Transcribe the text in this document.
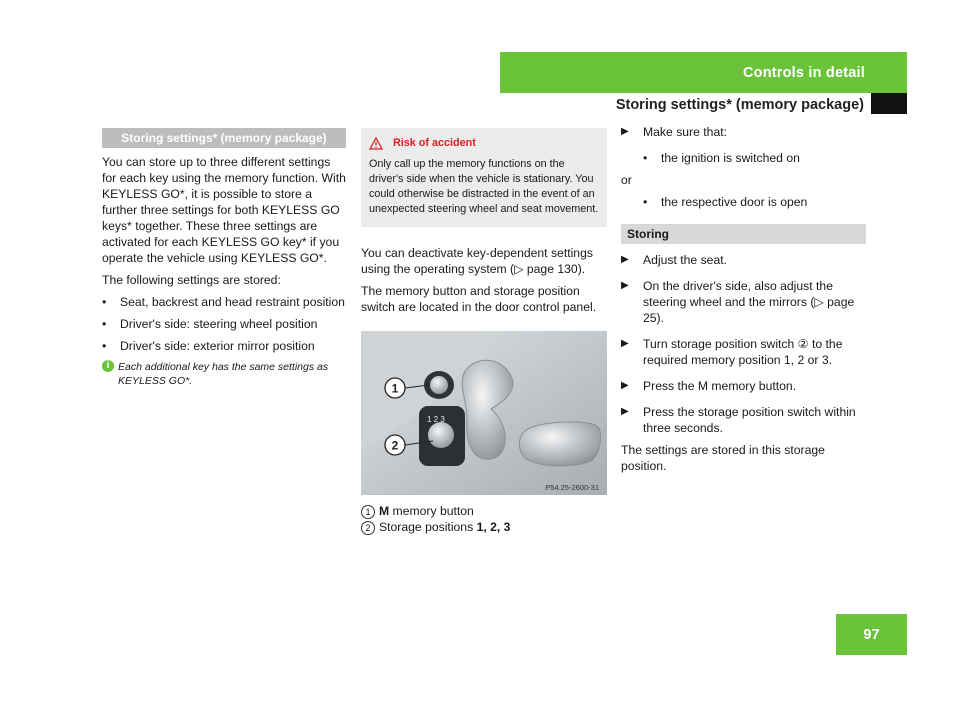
Controls in detail
Storing settings* (memory package)
97
Storing settings* (memory package)

You can store up to three different settings for each key using the memory function. With KEYLESS GO*, it is possible to store a further three settings for both KEYLESS GO keys* together. These three settings are activated for each KEYLESS GO key* if you operate the vehicle using KEYLESS GO*.

The following settings are stored:

•	Seat, backrest and head restraint position
•	Driver's side: steering wheel position
•	Driver's side: exterior mirror position
i Each additional key has the same settings as KEYLESS GO*.
Risk of accident
Only call up the memory functions on the driver's side when the vehicle is stationary. You could otherwise be distracted in the event of an unexpected steering wheel and seat movement.

You can deactivate key-dependent settings using the operating system (▷ page 130).

The memory button and storage position switch are located in the door control panel.

1 2 3
1
2
P54.25-2600-31
1 M memory button
2 Storage positions 1, 2, 3
▶	Make sure that:
•	the ignition is switched on

or

•	the respective door is open
Storing
▶	Adjust the seat.
▶	On the driver's side, also adjust the steering wheel and the mirrors (▷ page 25).
▶	Turn storage position switch ② to the required memory position 1, 2 or 3.
▶	Press the M memory button.
▶	Press the storage position switch within three seconds.

The settings are stored in this storage position.
